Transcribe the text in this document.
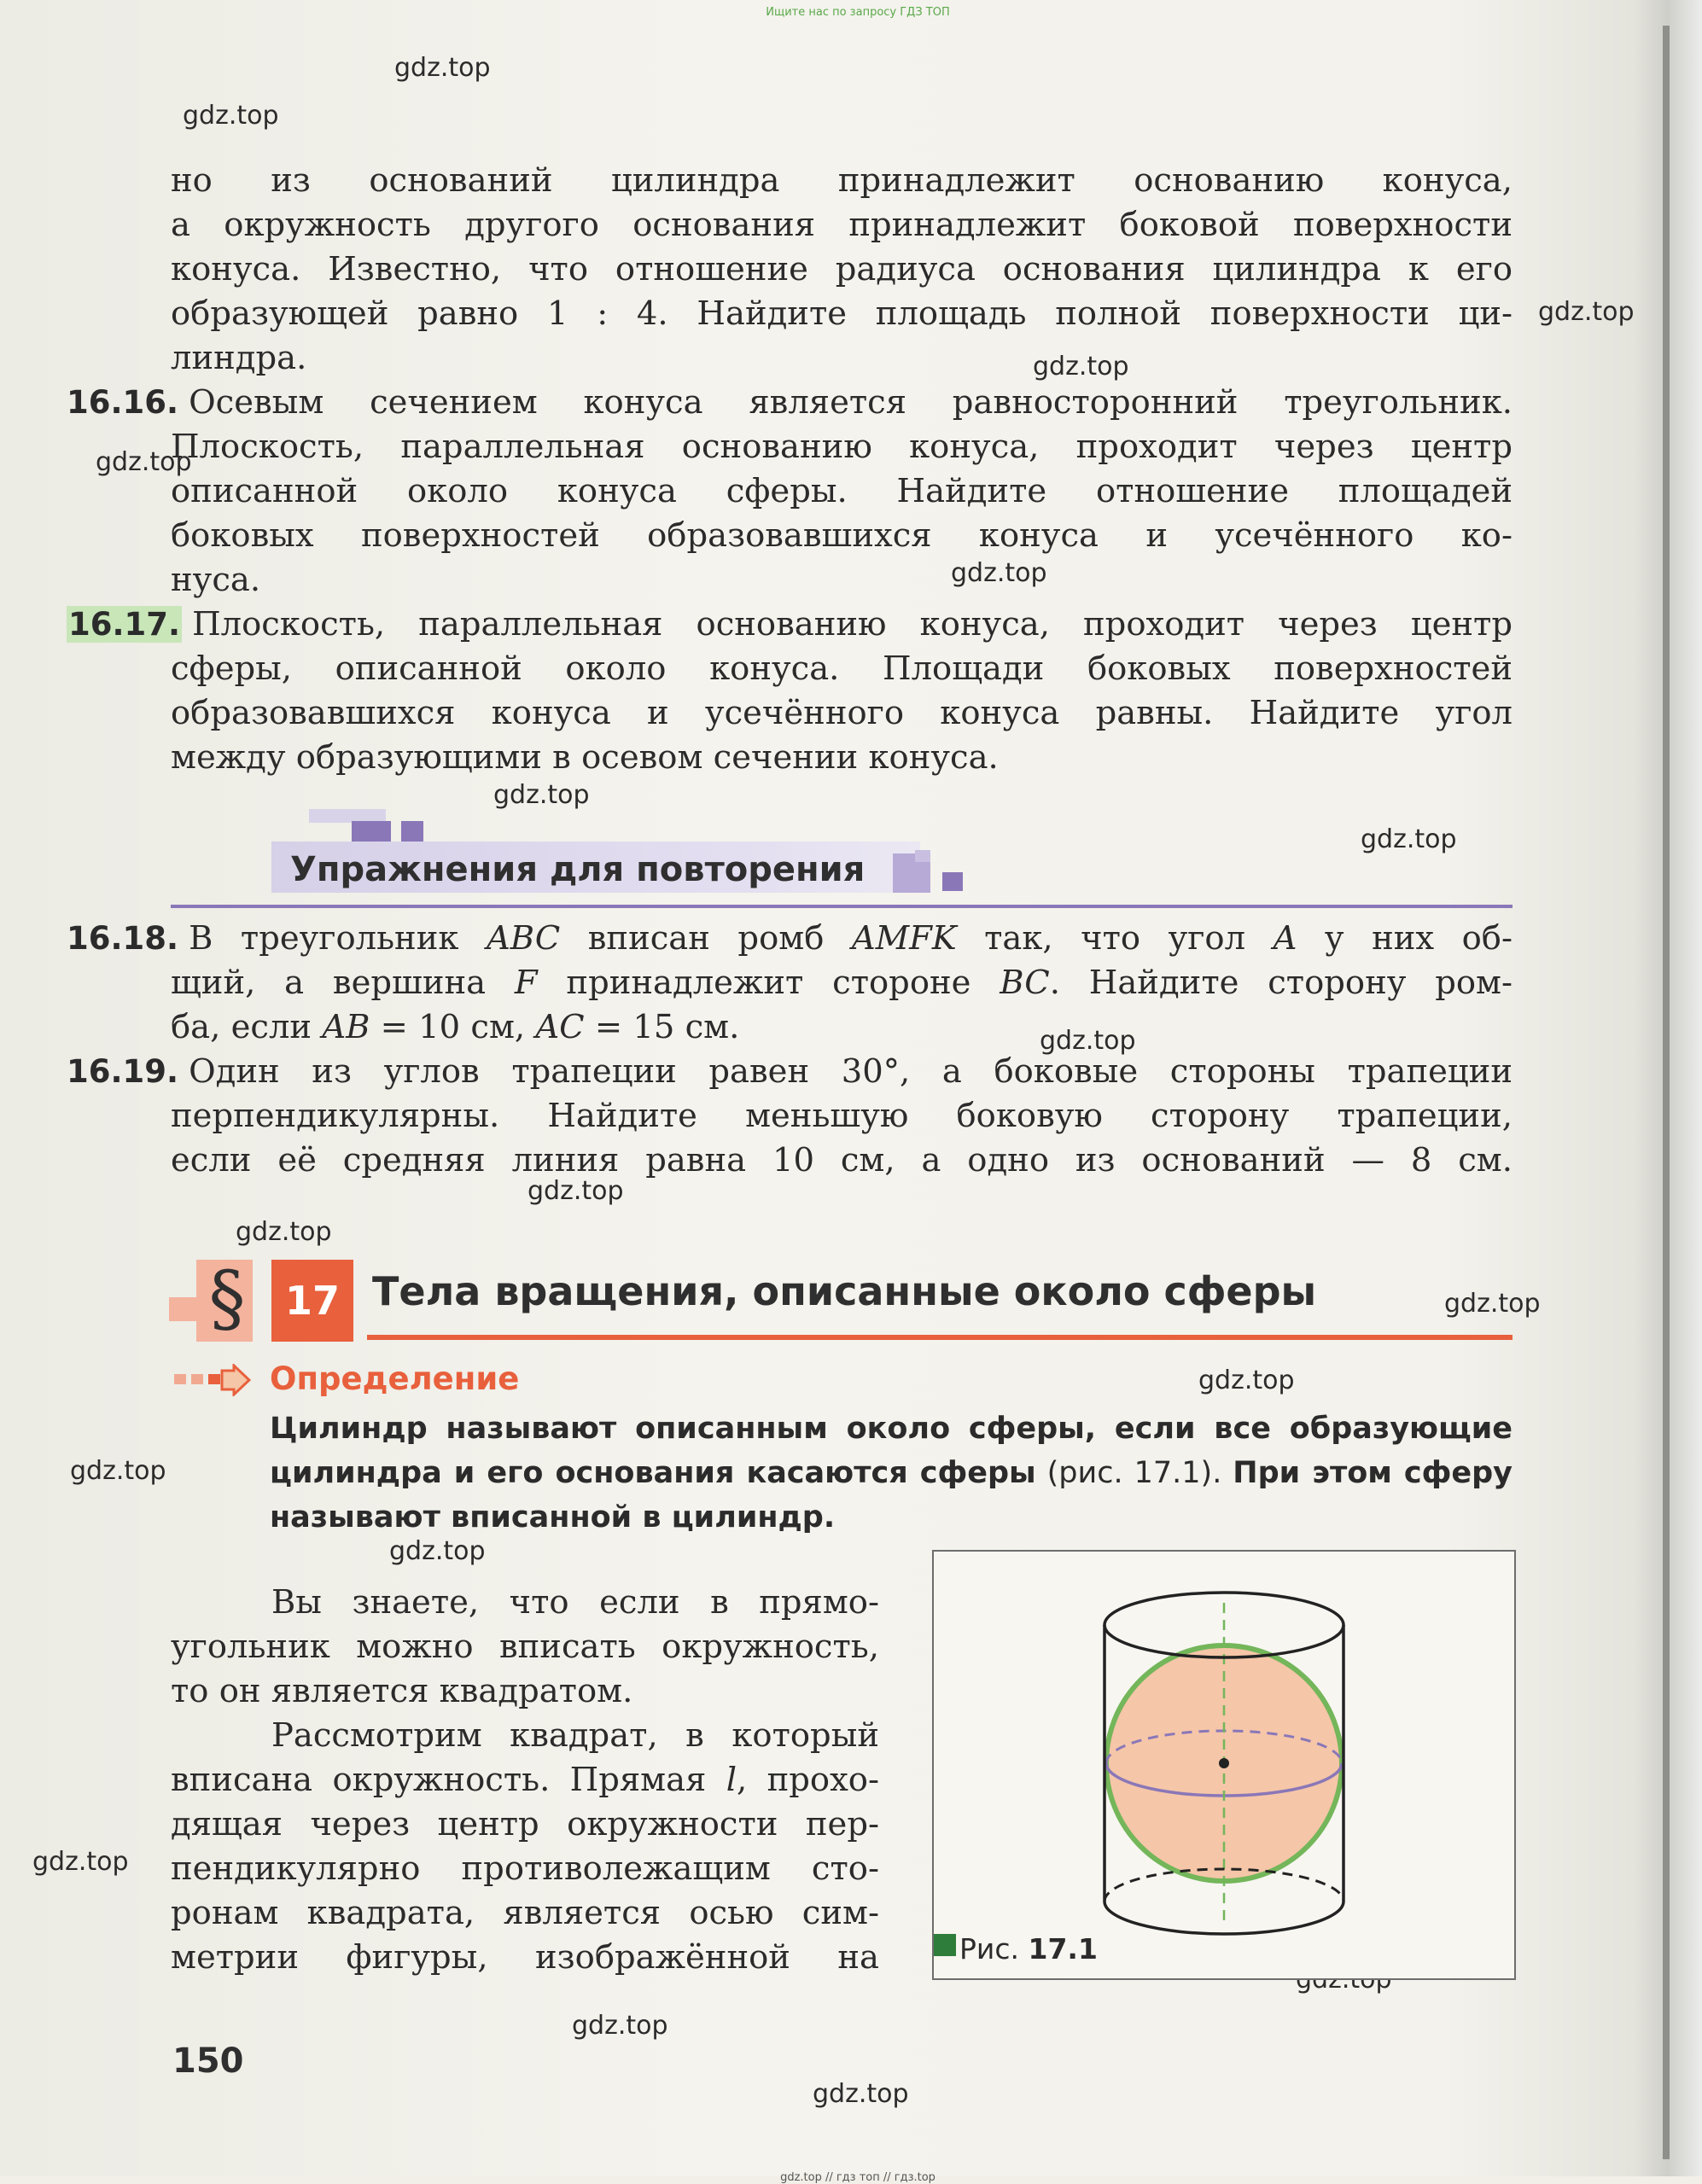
Ищите нас по запросу ГДЗ ТОП
gdz.top
gdz.top
gdz.top
gdz.top
gdz.top
gdz.top
gdz.top
gdz.top
gdz.top
gdz.top
gdz.top
gdz.top
gdz.top
gdz.top
gdz.top
gdz.top
gdz.top
gdz.top
но из оснований цилиндра принадлежит основанию конуса,
а окружность другого основания принадлежит боковой поверхности
конуса. Известно, что отношение радиуса основания цилиндра к его
образующей равно 1 : 4. Найдите площадь полной поверхности ци-
линдра.
16.16. Осевым сечением конуса является равносторонний треугольник.
Плоскость, параллельная основанию конуса, проходит через центр
описанной около конуса сферы. Найдите отношение площадей
боковых поверхностей образовавшихся конуса и усечённого ко-
нуса.
16.17. Плоскость, параллельная основанию конуса, проходит через центр
сферы, описанной около конуса. Площади боковых поверхностей
образовавшихся конуса и усечённого конуса равны. Найдите угол
между образующими в осевом сечении конуса.
Упражнения для повторения
16.18. В треугольник ABC вписан ромб AMFK так, что угол A у них об-
щий, а вершина F принадлежит стороне BC. Найдите сторону ром-
ба, если AB = 10 см, AC = 15 см.
16.19. Один из углов трапеции равен 30°, а боковые стороны трапеции
перпендикулярны. Найдите меньшую боковую сторону трапеции,
если её средняя линия равна 10 см, а одно из оснований — 8 см.
§	17 Тела вращения, описанные около сферы
Определение
Цилиндр называют описанным около сферы, если все образующие
цилиндра и его основания касаются сферы (рис. 17.1). При этом сферу
называют вписанной в цилиндр.
Вы знаете, что если в прямо-
угольник можно вписать окружность,
то он является квадратом.
Рассмотрим квадрат, в который
вписана окружность. Прямая l, прохо-
дящая через центр окружности пер-
пендикулярно противолежащим сто-
ронам квадрата, является осью сим-
метрии фигуры, изображённой на	Рис. 17.1
150
gdz.top // гдз топ // гдз.top
